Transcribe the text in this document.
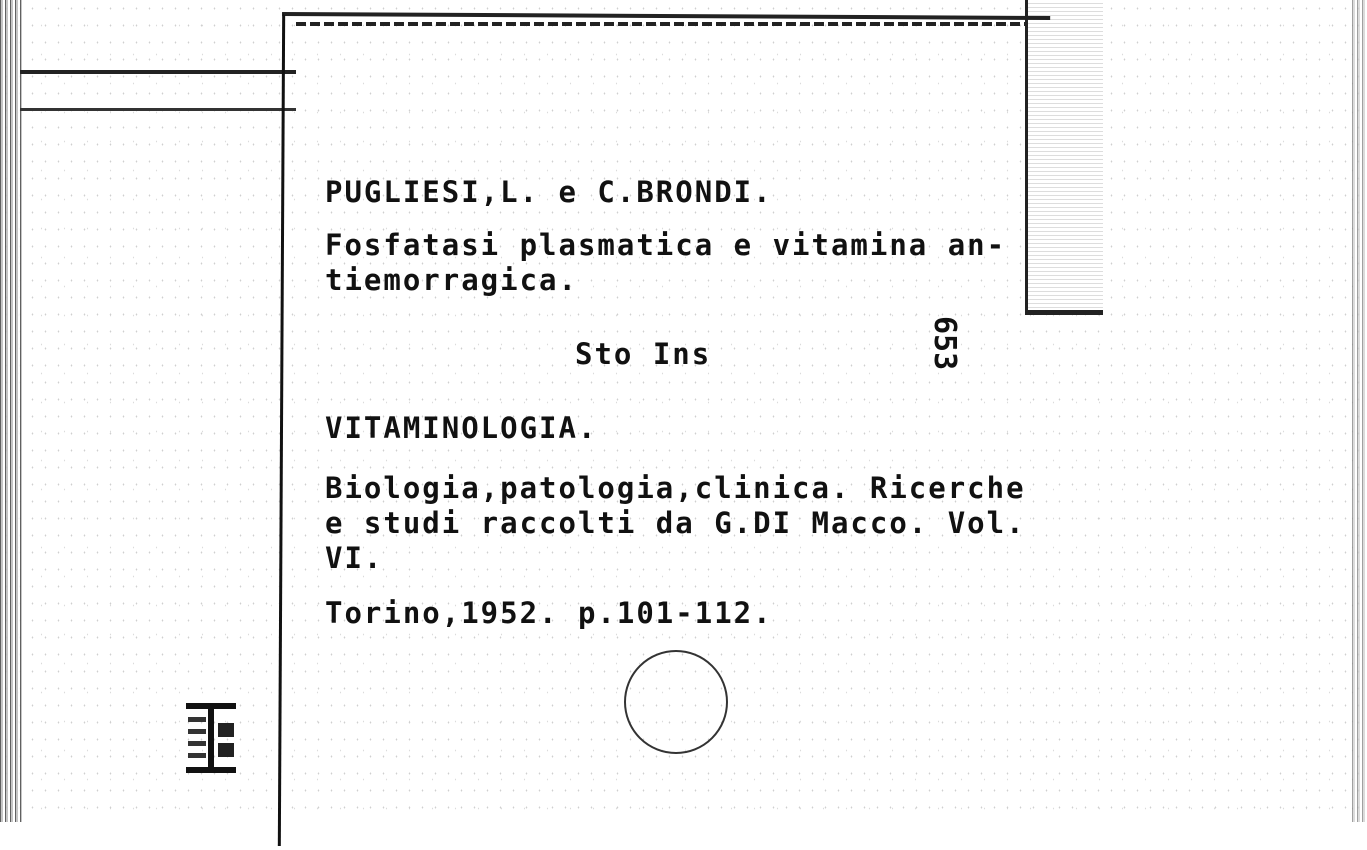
PUGLIESI,L. e C.BRONDI.
Fosfatasi plasmatica e vitamina an-
tiemorragica.
Sto Ins	653
VITAMINOLOGIA.
Biologia,patologia,clinica. Ricerche
e studi raccolti da G.DI Macco. Vol.
VI.
Torino,1952. p.101-112.
